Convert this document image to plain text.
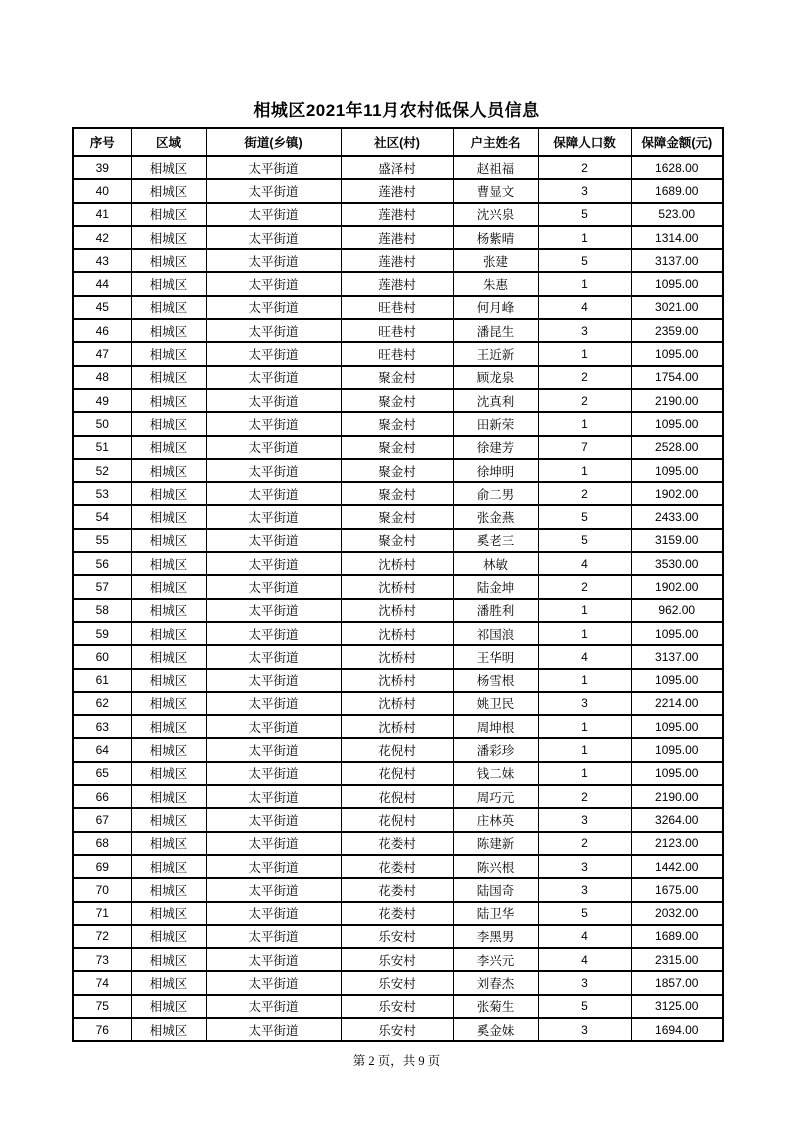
相城区2021年11月农村低保人员信息
序号	区域	街道(乡镇)	社区(村)	户主姓名	保障人口数	保障金额(元)
39	相城区	太平街道	盛泽村	赵祖福	2	1628.00
40	相城区	太平街道	莲港村	曹显文	3	1689.00
41	相城区	太平街道	莲港村	沈兴泉	5	523.00
42	相城区	太平街道	莲港村	杨紫晴	1	1314.00
43	相城区	太平街道	莲港村	张建	5	3137.00
44	相城区	太平街道	莲港村	朱惠	1	1095.00
45	相城区	太平街道	旺巷村	何月峰	4	3021.00
46	相城区	太平街道	旺巷村	潘昆生	3	2359.00
47	相城区	太平街道	旺巷村	王近新	1	1095.00
48	相城区	太平街道	聚金村	顾龙泉	2	1754.00
49	相城区	太平街道	聚金村	沈真利	2	2190.00
50	相城区	太平街道	聚金村	田新荣	1	1095.00
51	相城区	太平街道	聚金村	徐建芳	7	2528.00
52	相城区	太平街道	聚金村	徐坤明	1	1095.00
53	相城区	太平街道	聚金村	俞二男	2	1902.00
54	相城区	太平街道	聚金村	张金燕	5	2433.00
55	相城区	太平街道	聚金村	奚老三	5	3159.00
56	相城区	太平街道	沈桥村	林敏	4	3530.00
57	相城区	太平街道	沈桥村	陆金坤	2	1902.00
58	相城区	太平街道	沈桥村	潘胜利	1	962.00
59	相城区	太平街道	沈桥村	祁国浪	1	1095.00
60	相城区	太平街道	沈桥村	王华明	4	3137.00
61	相城区	太平街道	沈桥村	杨雪根	1	1095.00
62	相城区	太平街道	沈桥村	姚卫民	3	2214.00
63	相城区	太平街道	沈桥村	周坤根	1	1095.00
64	相城区	太平街道	花倪村	潘彩珍	1	1095.00
65	相城区	太平街道	花倪村	钱二妹	1	1095.00
66	相城区	太平街道	花倪村	周巧元	2	2190.00
67	相城区	太平街道	花倪村	庄林英	3	3264.00
68	相城区	太平街道	花娄村	陈建新	2	2123.00
69	相城区	太平街道	花娄村	陈兴根	3	1442.00
70	相城区	太平街道	花娄村	陆国奇	3	1675.00
71	相城区	太平街道	花娄村	陆卫华	5	2032.00
72	相城区	太平街道	乐安村	李黑男	4	1689.00
73	相城区	太平街道	乐安村	李兴元	4	2315.00
74	相城区	太平街道	乐安村	刘春杰	3	1857.00
75	相城区	太平街道	乐安村	张菊生	5	3125.00
76	相城区	太平街道	乐安村	奚金妹	3	1694.00
第 2 页，共 9 页
